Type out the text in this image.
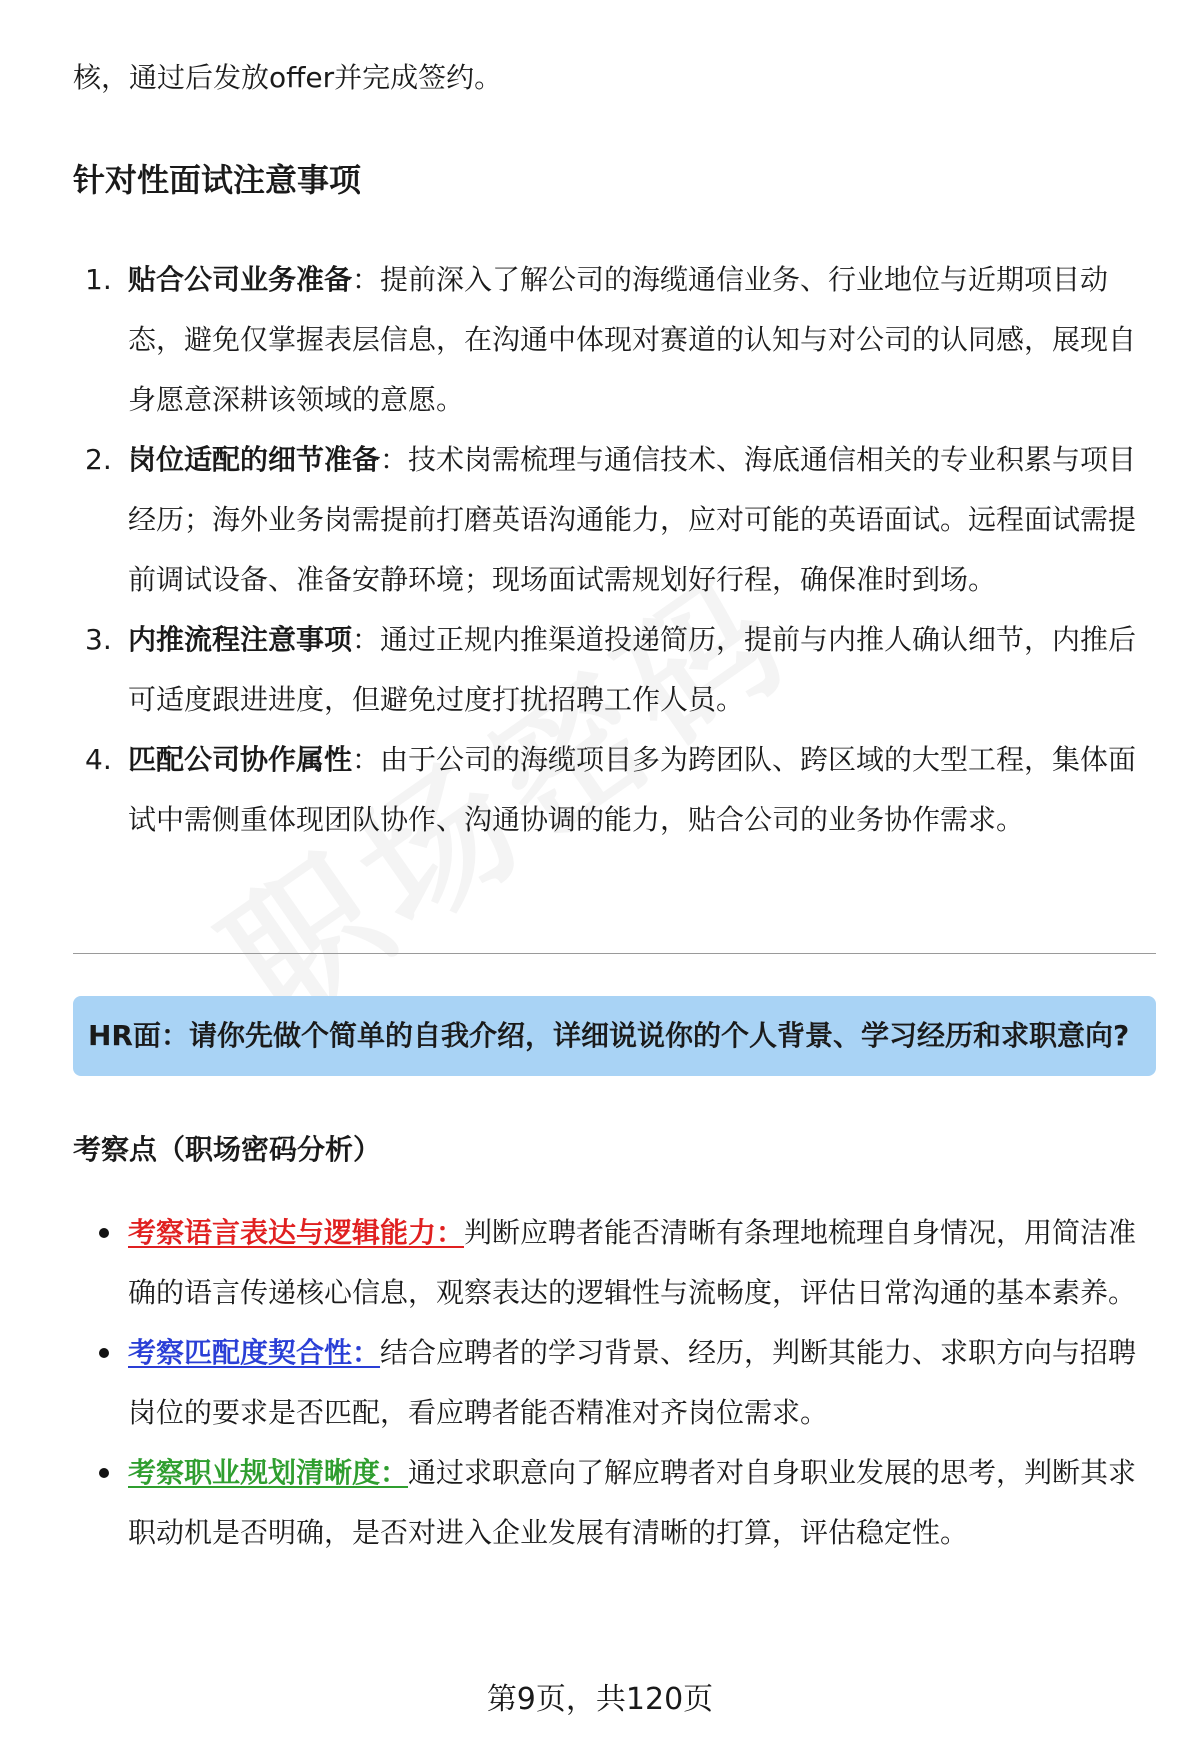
核，通过后发放offer并完成签约。
针对性面试注意事项
1. 贴合公司业务准备：提前深入了解公司的海缆通信业务、行业地位与近期项目动态，避免仅掌握表层信息，在沟通中体现对赛道的认知与对公司的认同感，展现自身愿意深耕该领域的意愿。
2. 岗位适配的细节准备：技术岗需梳理与通信技术、海底通信相关的专业积累与项目经历；海外业务岗需提前打磨英语沟通能力，应对可能的英语面试。远程面试需提前调试设备、准备安静环境；现场面试需规划好行程，确保准时到场。
3. 内推流程注意事项：通过正规内推渠道投递简历，提前与内推人确认细节，内推后可适度跟进进度，但避免过度打扰招聘工作人员。
4. 匹配公司协作属性：由于公司的海缆项目多为跨团队、跨区域的大型工程，集体面试中需侧重体现团队协作、沟通协调的能力，贴合公司的业务协作需求。
HR面：请你先做个简单的自我介绍，详细说说你的个人背景、学习经历和求职意向?
考察点（职场密码分析）
考察语言表达与逻辑能力：判断应聘者能否清晰有条理地梳理自身情况，用简洁准确的语言传递核心信息，观察表达的逻辑性与流畅度，评估日常沟通的基本素养。
考察匹配度契合性：结合应聘者的学习背景、经历，判断其能力、求职方向与招聘岗位的要求是否匹配，看应聘者能否精准对齐岗位需求。
考察职业规划清晰度：通过求职意向了解应聘者对自身职业发展的思考，判断其求职动机是否明确，是否对进入企业发展有清晰的打算，评估稳定性。
第9页，共120页
